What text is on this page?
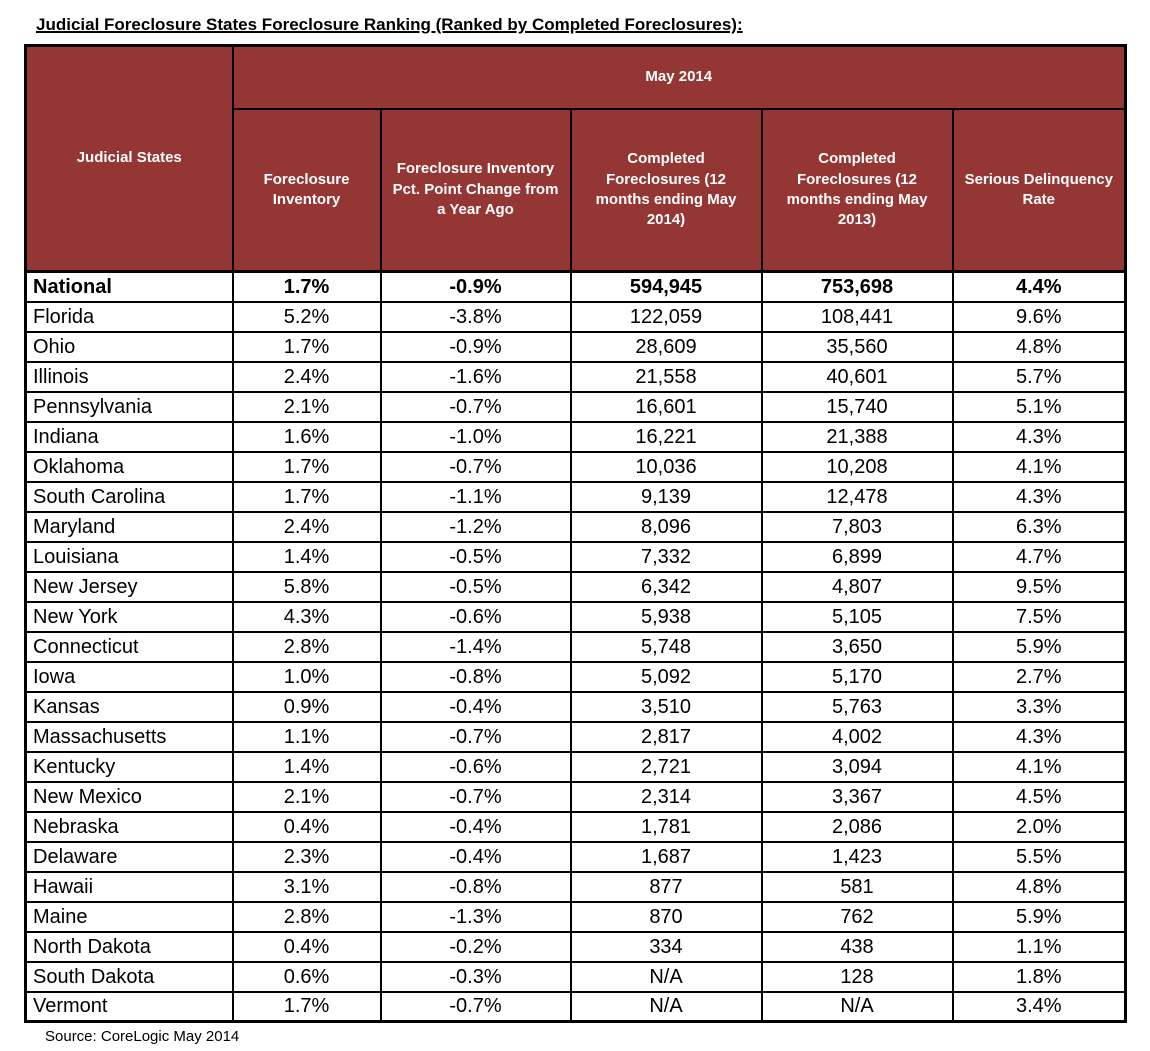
Judicial Foreclosure States Foreclosure Ranking (Ranked by Completed Foreclosures):
Judicial States	May 2014				
	Foreclosure Inventory	Foreclosure Inventory Pct. Point Change from a Year Ago	Completed Foreclosures (12 months ending May 2014)	Completed Foreclosures (12 months ending May 2013)	Serious Delinquency Rate
National	1.7%	-0.9%	594,945	753,698	4.4%
Florida	5.2%	-3.8%	122,059	108,441	9.6%
Ohio	1.7%	-0.9%	28,609	35,560	4.8%
Illinois	2.4%	-1.6%	21,558	40,601	5.7%
Pennsylvania	2.1%	-0.7%	16,601	15,740	5.1%
Indiana	1.6%	-1.0%	16,221	21,388	4.3%
Oklahoma	1.7%	-0.7%	10,036	10,208	4.1%
South Carolina	1.7%	-1.1%	9,139	12,478	4.3%
Maryland	2.4%	-1.2%	8,096	7,803	6.3%
Louisiana	1.4%	-0.5%	7,332	6,899	4.7%
New Jersey	5.8%	-0.5%	6,342	4,807	9.5%
New York	4.3%	-0.6%	5,938	5,105	7.5%
Connecticut	2.8%	-1.4%	5,748	3,650	5.9%
Iowa	1.0%	-0.8%	5,092	5,170	2.7%
Kansas	0.9%	-0.4%	3,510	5,763	3.3%
Massachusetts	1.1%	-0.7%	2,817	4,002	4.3%
Kentucky	1.4%	-0.6%	2,721	3,094	4.1%
New Mexico	2.1%	-0.7%	2,314	3,367	4.5%
Nebraska	0.4%	-0.4%	1,781	2,086	2.0%
Delaware	2.3%	-0.4%	1,687	1,423	5.5%
Hawaii	3.1%	-0.8%	877	581	4.8%
Maine	2.8%	-1.3%	870	762	5.9%
North Dakota	0.4%	-0.2%	334	438	1.1%
South Dakota	0.6%	-0.3%	N/A	128	1.8%
Vermont	1.7%	-0.7%	N/A	N/A	3.4%
Source: CoreLogic May 2014
